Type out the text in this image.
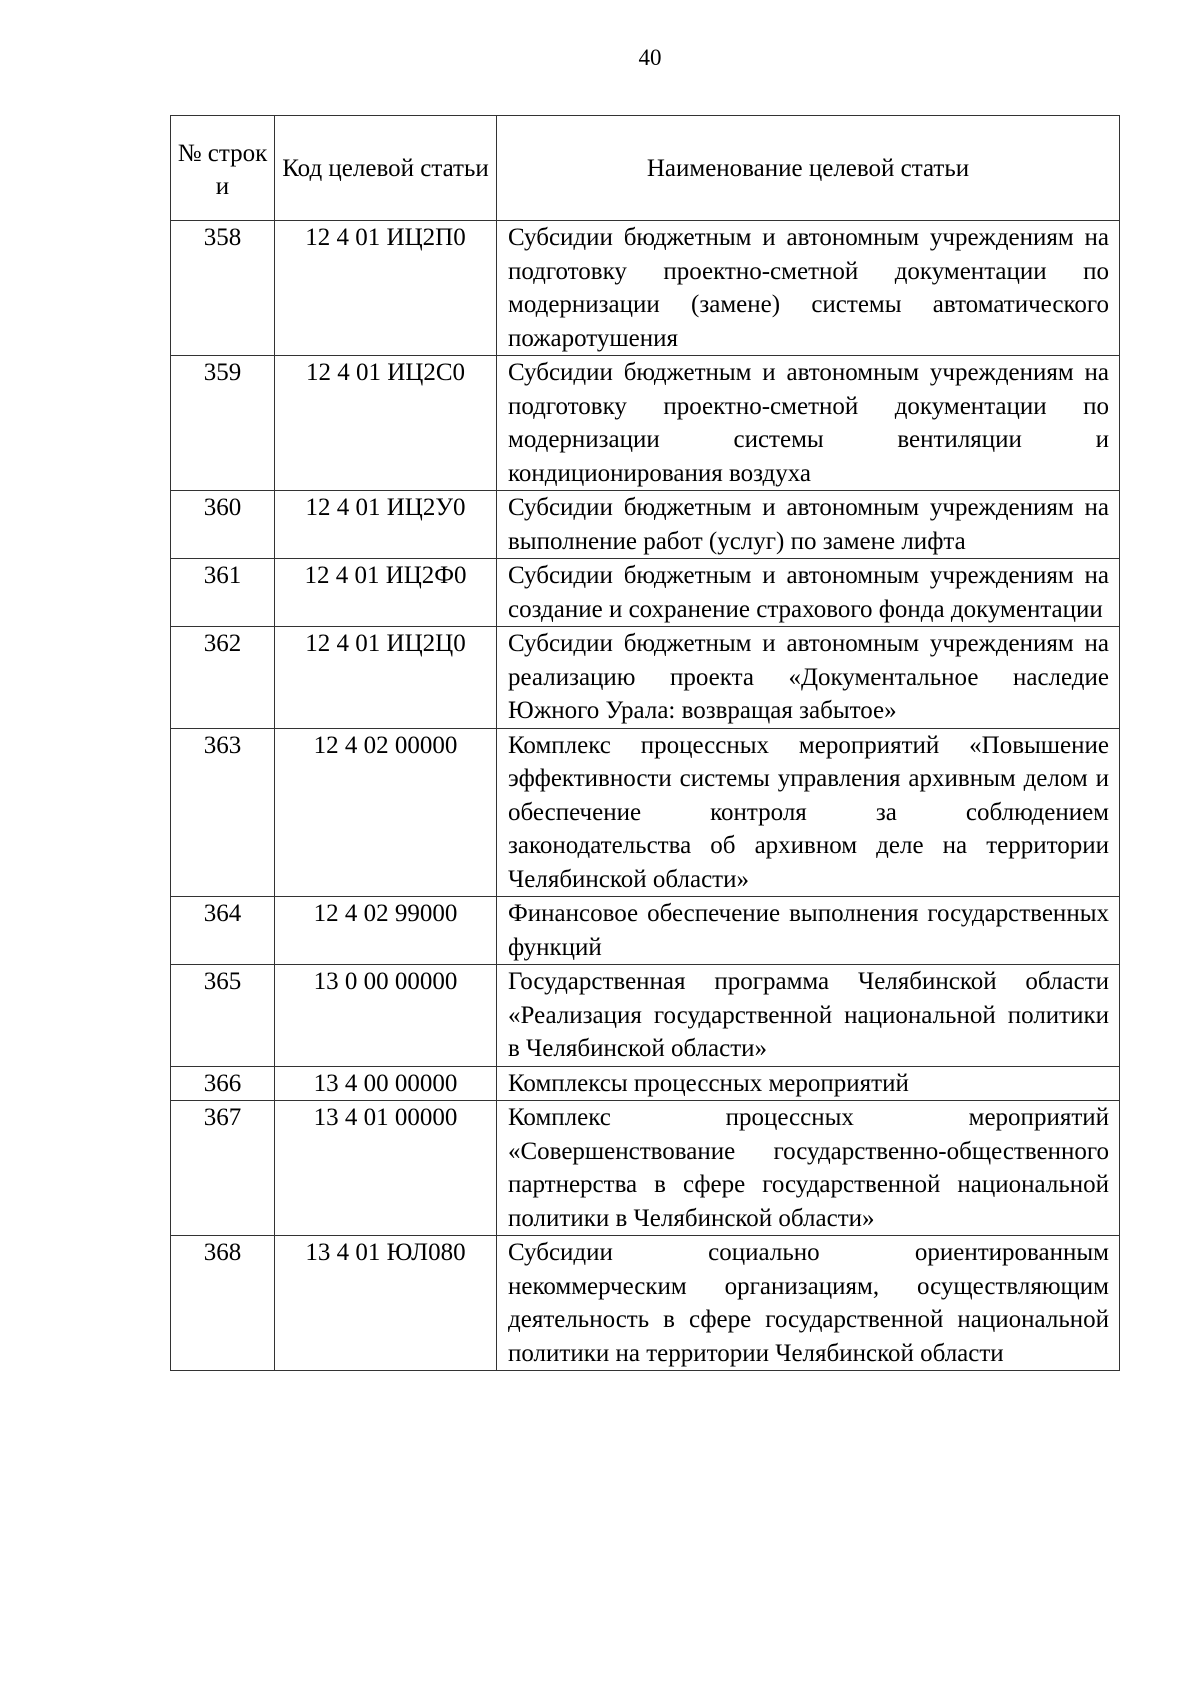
40
№ строк и	Код целевой статьи	Наименование целевой статьи
358	12 4 01 ИЦ2П0	Субсидии бюджетным и автономным учреждениям на подготовку проектно-сметной документации по модернизации (замене) системы автоматического пожаротушения
359	12 4 01 ИЦ2С0	Субсидии бюджетным и автономным учреждениям на подготовку проектно-сметной документации по модернизации системы вентиляции и кондиционирования воздуха
360	12 4 01 ИЦ2У0	Субсидии бюджетным и автономным учреждениям на выполнение работ (услуг) по замене лифта
361	12 4 01 ИЦ2Ф0	Субсидии бюджетным и автономным учреждениям на создание и сохранение страхового фонда документации
362	12 4 01 ИЦ2Ц0	Субсидии бюджетным и автономным учреждениям на реализацию проекта «Документальное наследие Южного Урала: возвращая забытое»
363	12 4 02 00000	Комплекс процессных мероприятий «Повышение эффективности системы управления архивным делом и обеспечение контроля за соблюдением законодательства об архивном деле на территории Челябинской области»
364	12 4 02 99000	Финансовое обеспечение выполнения государственных функций
365	13 0 00 00000	Государственная программа Челябинской области «Реализация государственной национальной политики в Челябинской области»
366	13 4 00 00000	Комплексы процессных мероприятий
367	13 4 01 00000	Комплекс процессных мероприятий «Совершенствование государственно-общественного партнерства в сфере государственной национальной политики в Челябинской области»
368	13 4 01 ЮЛ080	Субсидии социально ориентированным некоммерческим организациям, осуществляющим деятельность в сфере государственной национальной политики на территории Челябинской области
